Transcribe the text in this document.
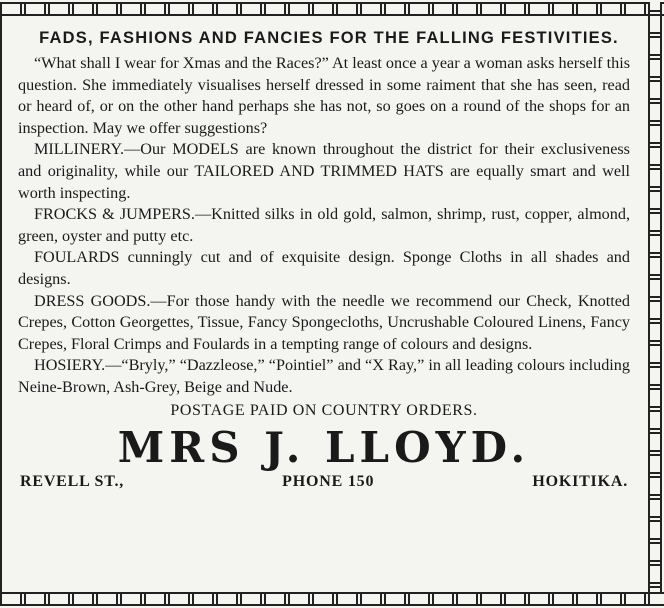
FADS, FASHIONS AND FANCIES FOR THE FALLING FESTIVITIES.

“What shall I wear for Xmas and the Races?” At least once a year a woman asks herself this question. She immediately visualises herself dressed in some raiment that she has seen, read or heard of, or on the other hand perhaps she has not, so goes on a round of the shops for an inspection. May we offer suggestions?

MILLINERY.—Our MODELS are known throughout the district for their exclusiveness and originality, while our TAILORED AND TRIMMED HATS are equally smart and well worth inspecting.

FROCKS & JUMPERS.—Knitted silks in old gold, salmon, shrimp, rust, copper, almond, green, oyster and putty etc.

FOULARDS cunningly cut and of exquisite design. Sponge Cloths in all shades and designs.

DRESS GOODS.—For those handy with the needle we recommend our Check, Knotted Crepes, Cotton Georgettes, Tissue, Fancy Spongecloths, Uncrushable Coloured Linens, Fancy Crepes, Floral Crimps and Foulards in a tempting range of colours and designs.

HOSIERY.—“Bryly,” “Dazzleose,” “Pointiel” and “X Ray,” in all leading colours including Neine-Brown, Ash-Grey, Beige and Nude.

POSTAGE PAID ON COUNTRY ORDERS.

MRS J. LLOYD.

REVELL ST.,	PHONE 150	HOKITIKA.
